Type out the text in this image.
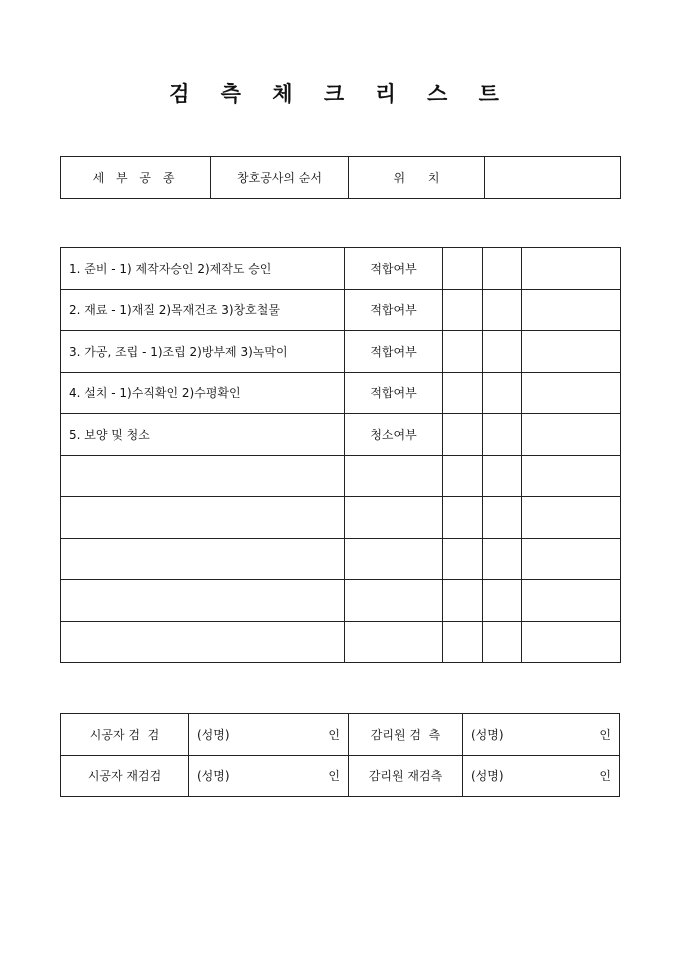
검 측 체 크 리 스 트
세 부 공 종	창호공사의 순서	위      치	
1. 준비 - 1) 제작자승인 2)제작도 승인	적합여부			
2. 재료 - 1)재질 2)목재건조 3)창호철물	적합여부			
3. 가공, 조립 - 1)조립 2)방부제 3)녹막이	적합여부			
4. 설치 - 1)수직확인 2)수평확인	적합여부			
5. 보양 및 청소	청소여부			

시공자 검  검	(성명) 인	감리원 검  측	(성명) 인

시공자 재검검	(성명) 인	감리원 재검측	(성명) 인
